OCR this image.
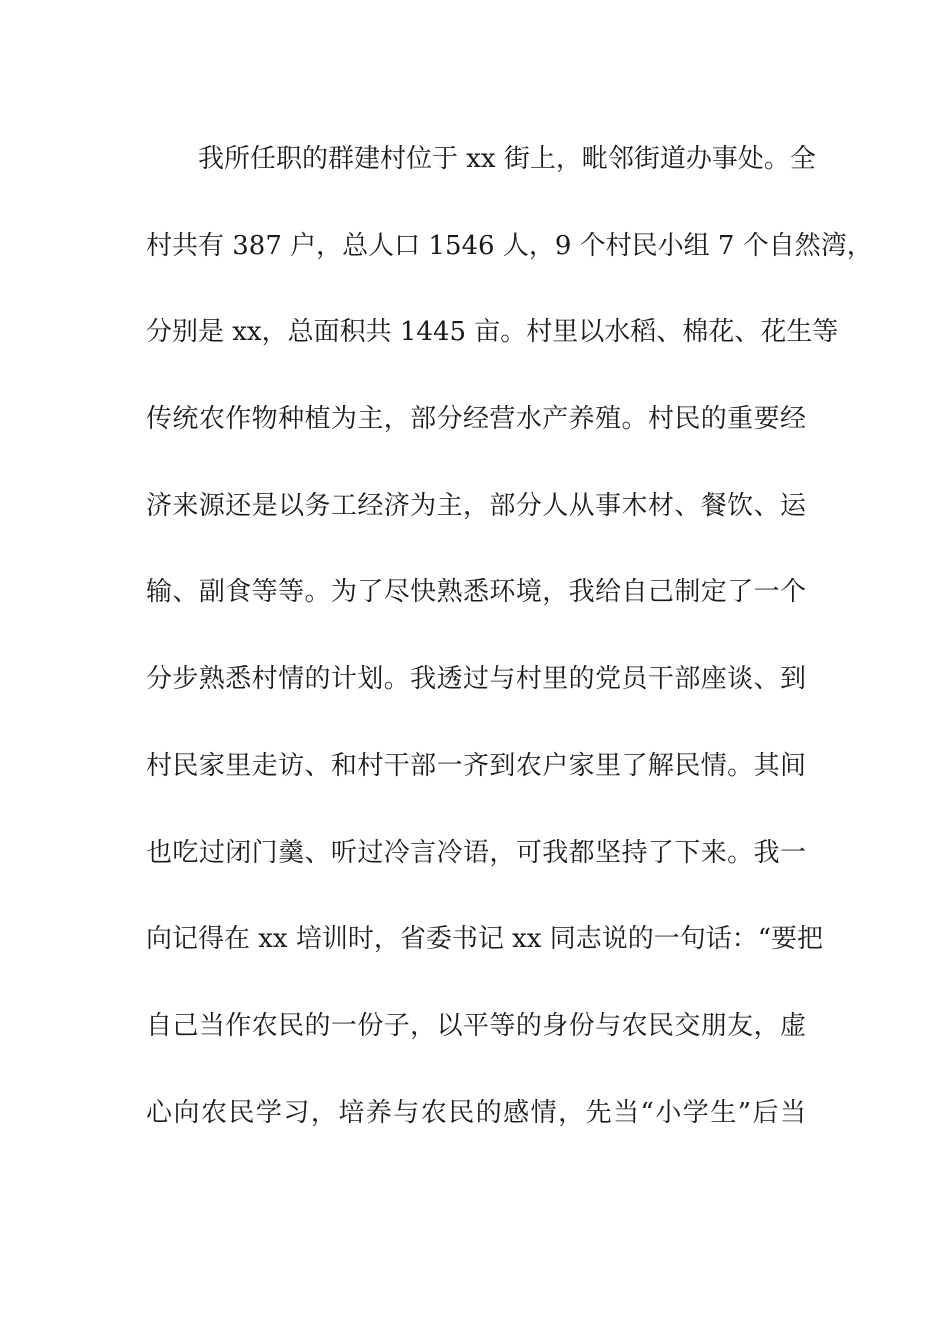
我所任职的群建村位于 xx 街上，毗邻街道办事处。全
村共有 387 户，总人口 1546 人，9 个村民小组 7 个自然湾，
分别是 xx，总面积共 1445 亩。村里以水稻、棉花、花生等
传统农作物种植为主，部分经营水产养殖。村民的重要经
济来源还是以务工经济为主，部分人从事木材、餐饮、运
输、副食等等。为了尽快熟悉环境，我给自己制定了一个
分步熟悉村情的计划。我透过与村里的党员干部座谈、到
村民家里走访、和村干部一齐到农户家里了解民情。其间
也吃过闭门羹、听过冷言冷语，可我都坚持了下来。我一
向记得在 xx 培训时，省委书记 xx 同志说的一句话：“要把
自己当作农民的一份子，以平等的身份与农民交朋友，虚
心向农民学习，培养与农民的感情，先当“小学生”后当
